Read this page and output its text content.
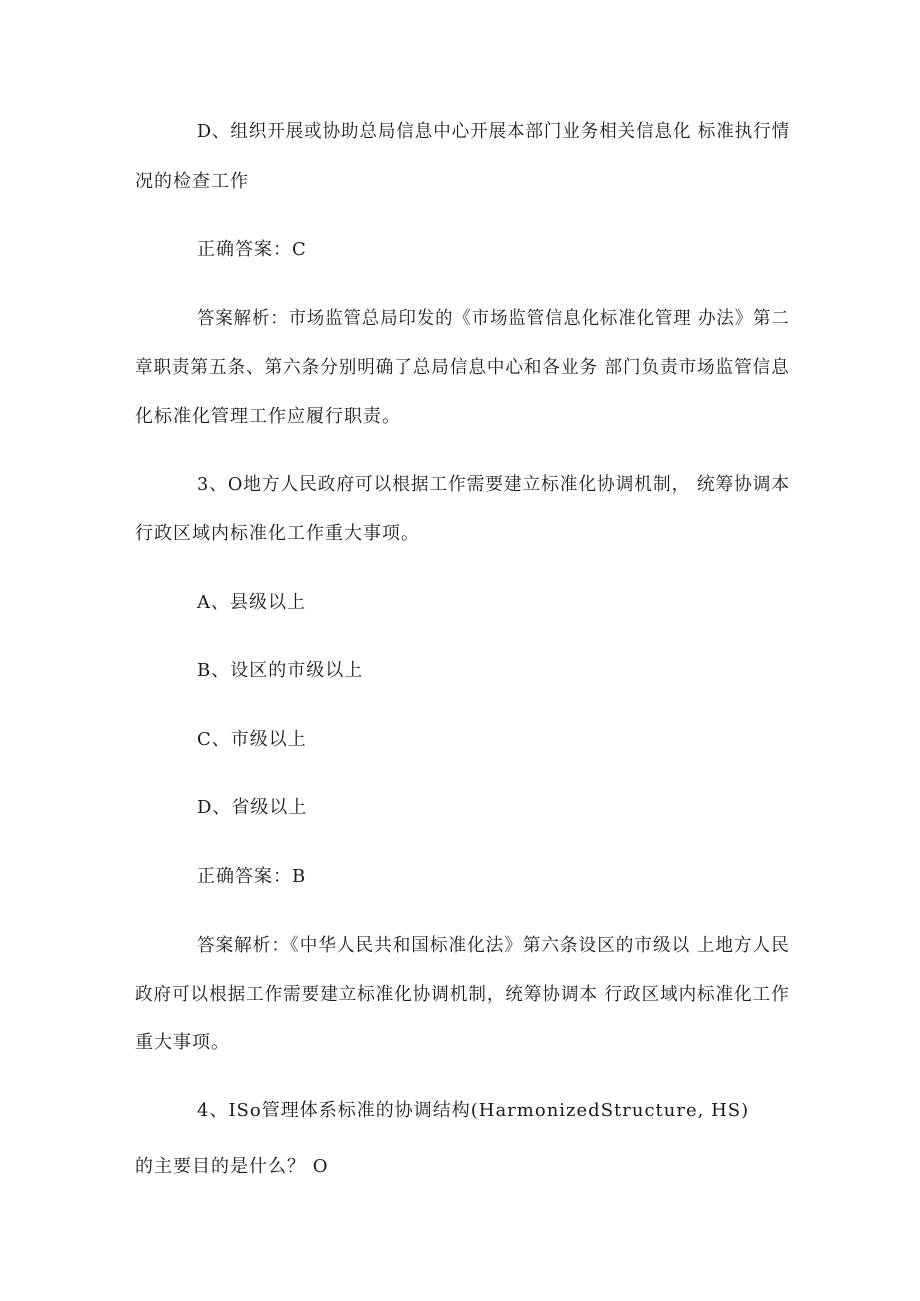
D、组织开展或协助总局信息中心开展本部门业务相关信息化 标准执行情
况的检查工作
正确答案：C
答案解析：市场监管总局印发的《市场监管信息化标准化管理 办法》第二
章职责第五条、第六条分别明确了总局信息中心和各业务 部门负责市场监管信息
化标准化管理工作应履行职责。
3、O地方人民政府可以根据工作需要建立标准化协调机制， 统筹协调本
行政区域内标准化工作重大事项。
A、县级以上
B、设区的市级以上
C、市级以上
D、省级以上
正确答案：B
答案解析：《中华人民共和国标准化法》第六条设区的市级以 上地方人民
政府可以根据工作需要建立标准化协调机制，统筹协调本 行政区域内标准化工作
重大事项。
4、ISo管理体系标准的协调结构(HarmonizedStructure, HS)
的主要目的是什么？ O
